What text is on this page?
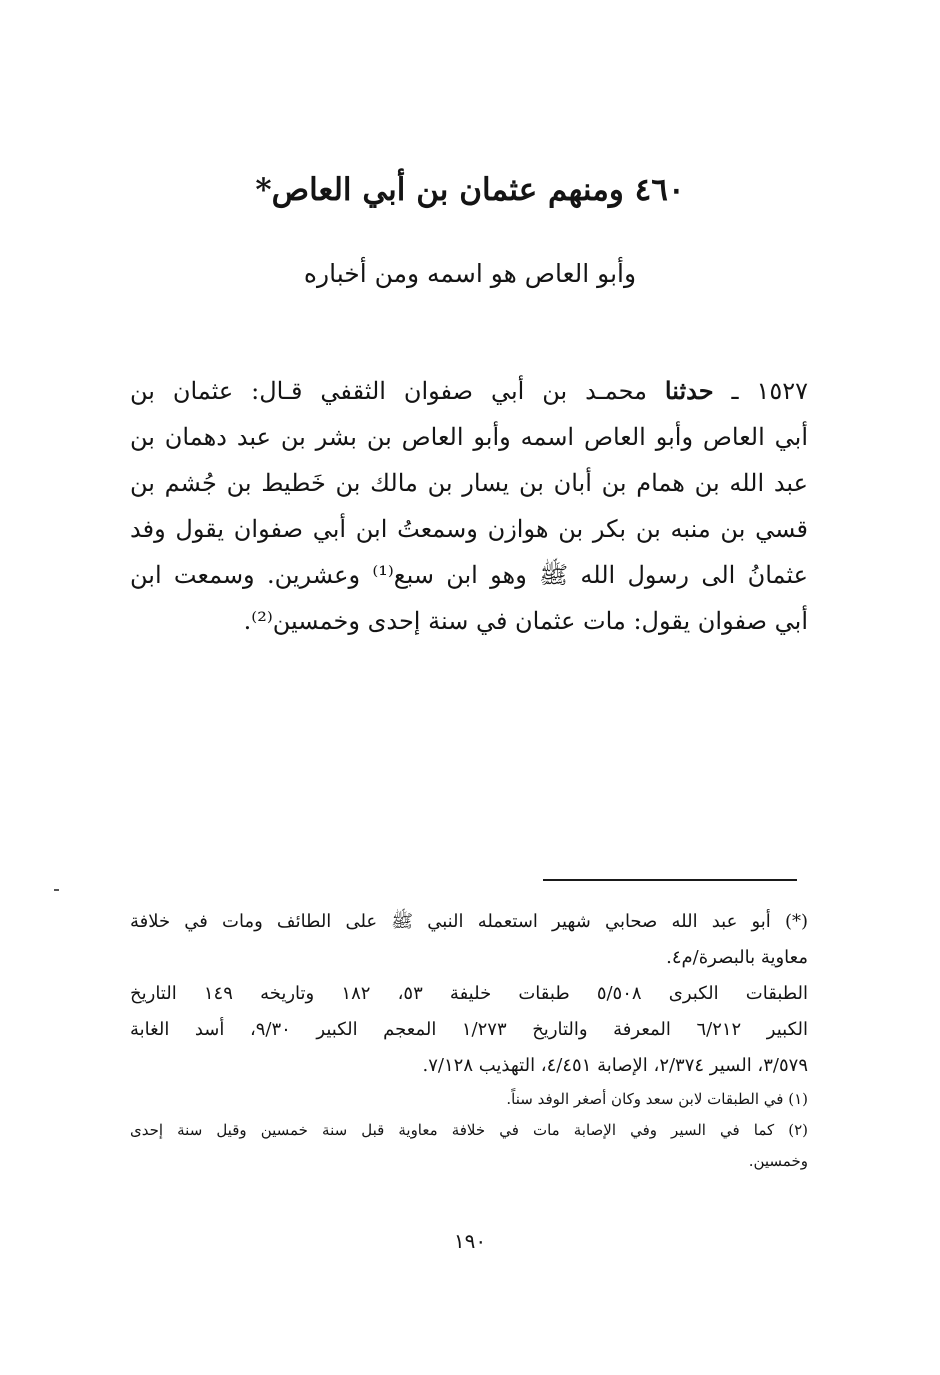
٤٦٠ ومنهم عثمان بن أبي العاص*
وأبو العاص هو اسمه ومن أخباره
١٥٢٧ ـ حدثنا محمـد بن أبي صفوان الثقفي قـال: عثمان بن
أبي العاص وأبو العاص اسمه وأبو العاص بن بشر بن عبد دهمان بن
عبد الله بن همام بن أبان بن يسار بن مالك بن خَطيط بن جُشم بن
قسي بن منبه بن بكر بن هوازن وسمعتُ ابن أبي صفوان يقول وفد
عثمانُ الى رسول الله ﷺ وهو ابن سبع⁽¹⁾ وعشرين. وسمعت ابن
أبي صفوان يقول: مات عثمان في سنة إحدى وخمسين⁽²⁾.
(*) أبو عبد الله صحابي شهير استعمله النبي ﷺ على الطائف ومات في خلافة
معاوية بالبصرة/م٤.
الطبقات الكبرى ٥/٥٠٨ طبقات خليفة ٥٣، ١٨٢ وتاريخه ١٤٩ التاريخ
الكبير ٦/٢١٢ المعرفة والتاريخ ١/٢٧٣ المعجم الكبير ٩/٣٠، أسد الغابة
٣/٥٧٩، السير ٢/٣٧٤، الإصابة ٤/٤٥١، التهذيب ٧/١٢٨.
(١) في الطبقات لابن سعد وكان أصغر الوفد سناً.
(٢) كما في السير وفي الإصابة مات في خلافة معاوية قبل سنة خمسين وقيل سنة إحدى
وخمسين.
١٩٠
